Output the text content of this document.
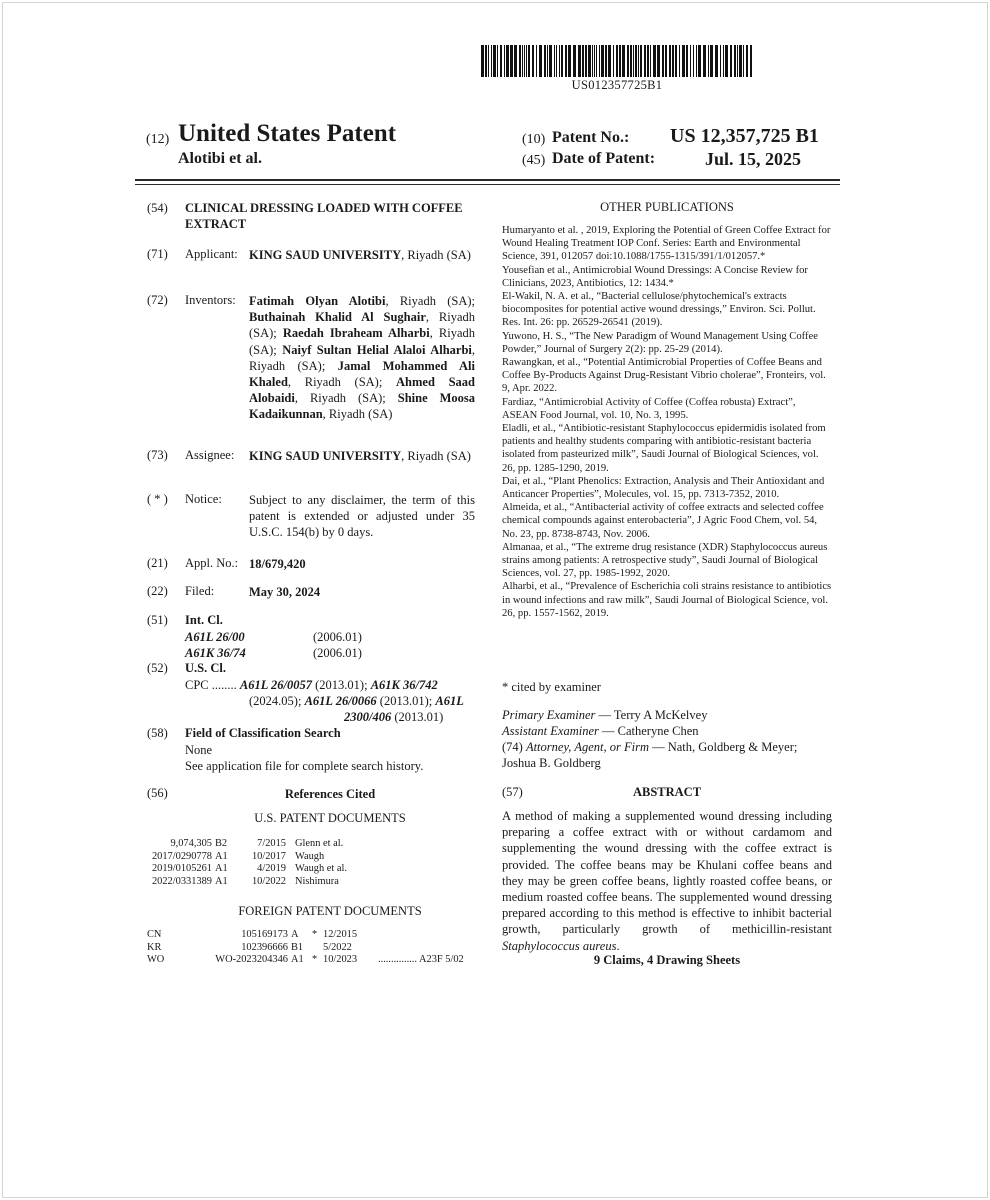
US012357725B1
(12) United States Patent
Alotibi et al.
(10) Patent No.: US 12,357,725 B1
(45) Date of Patent:	Jul. 15, 2025
(54) CLINICAL DRESSING LOADED WITH COFFEE EXTRACT
(71) Applicant: KING SAUD UNIVERSITY, Riyadh (SA)
(72) Inventors: Fatimah Olyan Alotibi, Riyadh (SA); Buthainah Khalid Al Sughair, Riyadh (SA); Raedah Ibraheam Alharbi, Riyadh (SA); Naiyf Sultan Helial Alaloi Alharbi, Riyadh (SA); Jamal Mohammed Ali Khaled, Riyadh (SA); Ahmed Saad Alobaidi, Riyadh (SA); Shine Moosa Kadaikunnan, Riyadh (SA)
(73) Assignee: KING SAUD UNIVERSITY, Riyadh (SA)
( * ) Notice: Subject to any disclaimer, the term of this patent is extended or adjusted under 35 U.S.C. 154(b) by 0 days.
(21) Appl. No.: 18/679,420
(22) Filed:	May 30, 2024
(51) Int. Cl.
A61L 26/00	(2006.01)
A61K 36/74	(2006.01)
(52) U.S. Cl.
CPC ........ A61L 26/0057 (2013.01); A61K 36/742
(2024.05); A61L 26/0066 (2013.01); A61L
2300/406 (2013.01)
(58) Field of Classification Search
None
See application file for complete search history.
(56)	References Cited
U.S. PATENT DOCUMENTS
9,074,305	B2	7/2015	Glenn et al.
2017/0290778	A1	10/2017	Waugh
2019/0105261	A1	4/2019	Waugh et al.
2022/0331389	A1	10/2022	Nishimura
FOREIGN PATENT DOCUMENTS
CN	105169173	A	*	12/2015	
KR	102396666	B1		5/2022	
WO	WO-2023204346	A1	*	10/2023	............... A23F 5/02
OTHER PUBLICATIONS

Humaryanto et al. , 2019, Exploring the Potential of Green Coffee Extract for Wound Healing Treatment IOP Conf. Series: Earth and Environmental Science, 391, 012057 doi:10.1088/1755-1315/391/1/012057.*

Yousefian et al., Antimicrobial Wound Dressings: A Concise Review for Clinicians, 2023, Antibiotics, 12: 1434.*

El-Wakil, N. A. et al., “Bacterial cellulose/phytochemical's extracts biocomposites for potential active wound dressings,” Environ. Sci. Pollut. Res. Int. 26: pp. 26529-26541 (2019).

Yuwono, H. S., “The New Paradigm of Wound Management Using Coffee Powder,” Journal of Surgery 2(2): pp. 25-29 (2014).

Rawangkan, et al., “Potential Antimicrobial Properties of Coffee Beans and Coffee By-Products Against Drug-Resistant Vibrio cholerae”, Fronteirs, vol. 9, Apr. 2022.

Fardiaz, “Antimicrobial Activity of Coffee (Coffea robusta) Extract”, ASEAN Food Journal, vol. 10, No. 3, 1995.

Eladli, et al., “Antibiotic-resistant Staphylococcus epidermidis isolated from patients and healthy students comparing with antibiotic-resistant bacteria isolated from pasteurized milk”, Saudi Journal of Biological Sciences, vol. 26, pp. 1285-1290, 2019.

Dai, et al., “Plant Phenolics: Extraction, Analysis and Their Antioxidant and Anticancer Properties”, Molecules, vol. 15, pp. 7313-7352, 2010.

Almeida, et al., “Antibacterial activity of coffee extracts and selected coffee chemical compounds against enterobacteria”, J Agric Food Chem, vol. 54, No. 23, pp. 8738-8743, Nov. 2006.

Almanaa, et al., “The extreme drug resistance (XDR) Staphylococcus aureus strains among patients: A retrospective study”, Saudi Journal of Biological Sciences, vol. 27, pp. 1985-1992, 2020.

Alharbi, et al., “Prevalence of Escherichia coli strains resistance to antibiotics in wound infections and raw milk”, Saudi Journal of Biological Science, vol. 26, pp. 1557-1562, 2019.

* cited by examiner
Primary Examiner — Terry A McKelvey
Assistant Examiner — Catheryne Chen
(74) Attorney, Agent, or Firm — Nath, Goldberg & Meyer; Joshua B. Goldberg
(57)	ABSTRACT
A method of making a supplemented wound dressing including preparing a coffee extract with or without cardamom and supplementing the wound dressing with the coffee extract is provided. The coffee beans may be Khulani coffee beans and they may be green coffee beans, lightly roasted coffee beans, or medium roasted coffee beans. The supplemented wound dressing prepared according to this method is effective to inhibit bacterial growth, particularly growth of methicillin-resistant Staphylococcus aureus.
9 Claims, 4 Drawing Sheets
